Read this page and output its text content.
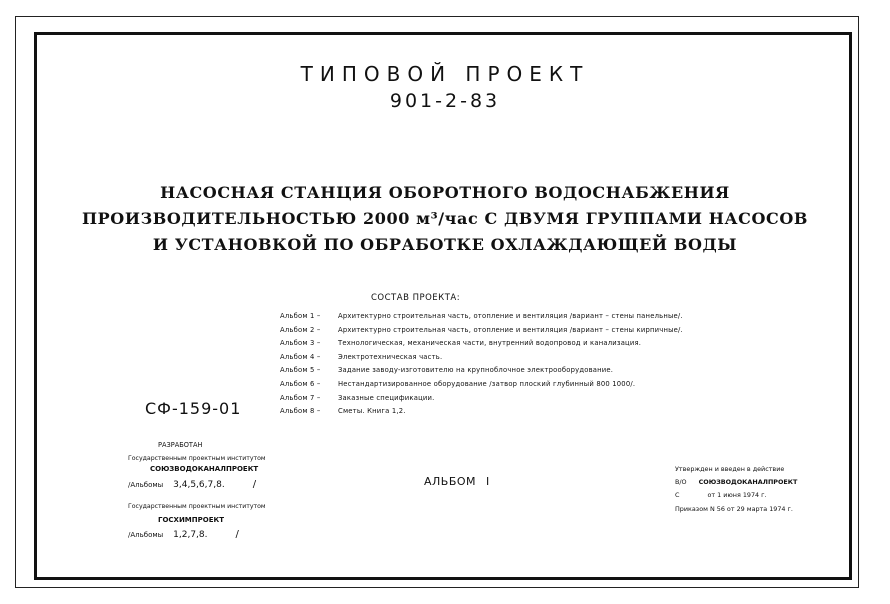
ТИПОВОЙ ПРОЕКТ
901-2-83
НАСОСНАЯ СТАНЦИЯ ОБОРОТНОГО ВОДОСНАБЖЕНИЯ
ПРОИЗВОДИТЕЛЬНОСТЬЮ 2000 м³/час С ДВУМЯ ГРУППАМИ НАСОСОВ
И УСТАНОВКОЙ ПО ОБРАБОТКЕ ОХЛАЖДАЮЩЕЙ ВОДЫ
СОСТАВ ПРОЕКТА:
Альбом 1 –	Архитектурно строительная часть, отопление и вентиляция /вариант – стены панельные/.
Альбом 2 –	Архитектурно строительная часть, отопление и вентиляция /вариант – стены кирпичные/.
Альбом 3 –	Технологическая, механическая части, внутренний водопровод и канализация.
Альбом 4 –	Электротехническая часть.
Альбом 5 –	Задание заводу-изготовителю на крупноблочное электрооборудование.
Альбом 6 –	Нестандартизированное оборудование /затвор плоский глубинный 800 1000/.
Альбом 7 –	Заказные спецификации.
Альбом 8 –	Сметы. Книга 1,2.
СФ-159-01
РАЗРАБОТАН
Государственным проектным институтом
СОЮЗВОДОКАНАЛПРОЕКТ
/Альбомы 3,4,5,6,7,8.	/
Государственным проектным институтом
ГОСХИМПРОЕКТ
/Альбомы 1,2,7,8.	/
АЛЬБОМ I
Утвержден и введен в действие
В/О СОЮЗВОДОКАНАЛПРОЕКТ
С	от 1 июня 1974 г.
Приказом N 56 от 29 марта 1974 г.
